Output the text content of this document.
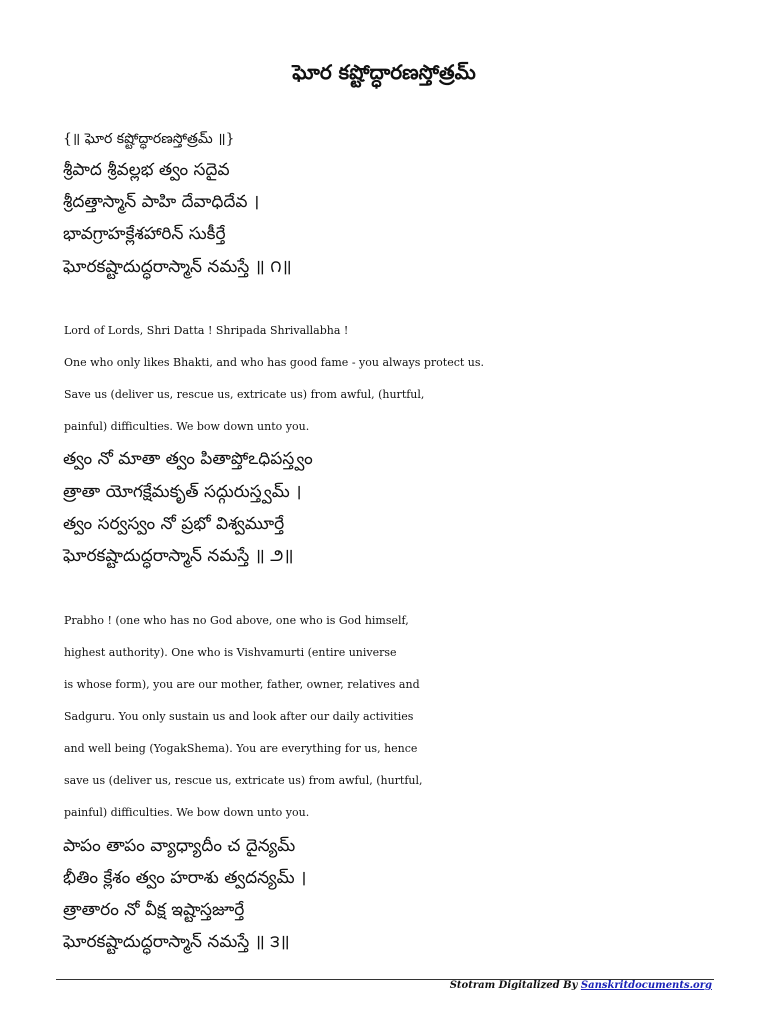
ఘోర కష్టోద్ధారణస్తోత్రమ్
{॥ ఘోర కష్టోద్ధారణస్తోత్రమ్ ॥}
శ్రీపాద శ్రీవల్లభ త్వం సదైవ
శ్రీదత్తాస్మాన్ పాహి దేవాధిదేవ ।
భావగ్రాహక్లేశహారిన్ సుకీర్తే
ఘోరకష్టాదుద్ధరాస్మాన్ నమస్తే ॥ ౧॥
Lord of Lords, Shri Datta ! Shripada Shrivallabha !
One who only likes Bhakti, and who has good fame - you always protect us.
Save us (deliver us, rescue us, extricate us) from awful, (hurtful,
painful) difficulties. We bow down unto you.
త్వం నో మాతా త్వం పితాప్తోఽధిపస్త్వం
త్రాతా యోగక్షేమకృత్ సద్గురుస్త్వమ్ ।
త్వం సర్వస్వం నో ప్రభో విశ్వమూర్తే
ఘోరకష్టాదుద్ధరాస్మాన్ నమస్తే ॥ ౨॥
Prabho ! (one who has no God above, one who is God himself,
highest authority). One who is Vishvamurti (entire universe
is whose form), you are our mother, father, owner, relatives and
Sadguru. You only sustain us and look after our daily activities
and well being (YogakShema). You are everything for us, hence
save us (deliver us, rescue us, extricate us) from awful, (hurtful,
painful) difficulties. We bow down unto you.
పాపం తాపం వ్యాధ్యాదీం చ దైన్యమ్
భీతిం క్లేశం త్వం హరాశు త్వదన్యమ్ ।
త్రాతారం నో వీక్ష ఇష్టాస్తజూర్తే
ఘోరకష్టాదుద్ధరాస్మాన్ నమస్తే ॥ ౩॥
Stotram Digitalized By Sanskritdocuments.org
